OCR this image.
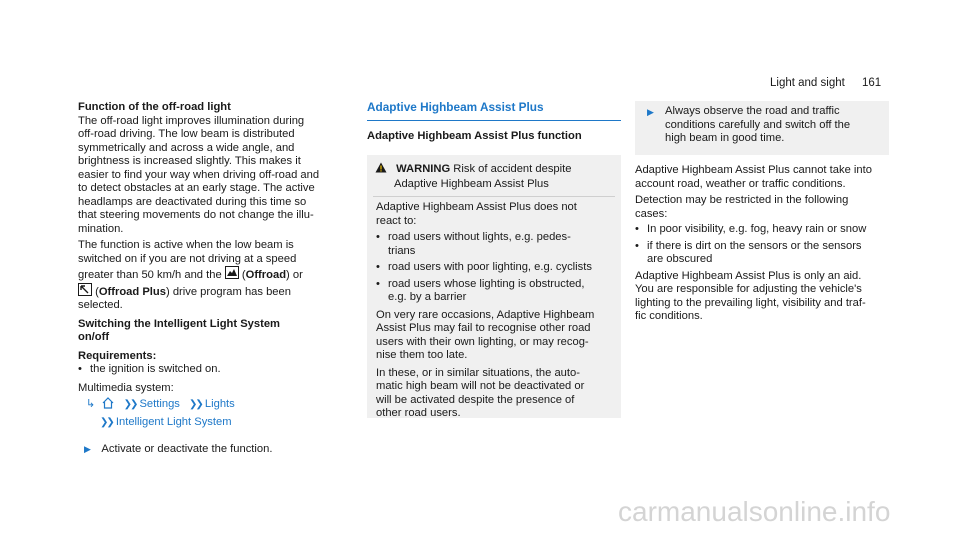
Light and sight 161

Function of the off-road light

The off-road light improves illumination during

off-road driving. The low beam is distributed

symmetrically and across a wide angle, and

brightness is increased slightly. This makes it

easier to find your way when driving off-road and

to detect obstacles at an early stage. The active

headlamps are deactivated during this time so

that steering movements do not change the illu-

mination.

The function is active when the low beam is

switched on if you are not driving at a speed

greater than 50 km/h and the (Offroad) or

(Offroad Plus) drive program has been

selected.

Switching the Intelligent Light System

on/off

Requirements:

• the ignition is switched on.

Multimedia system:

↳	❯❯ Settings ❯❯ Lights

❯❯ Intelligent Light System

▶ Activate or deactivate the function.

Adaptive Highbeam Assist Plus

Adaptive Highbeam Assist Plus function

WARNING Risk of accident despite

Adaptive Highbeam Assist Plus

Adaptive Highbeam Assist Plus does not

react to:

• road users without lights, e.g. pedes-

trians

• road users with poor lighting, e.g. cyclists

• road users whose lighting is obstructed,

e.g. by a barrier

On very rare occasions, Adaptive Highbeam

Assist Plus may fail to recognise other road

users with their own lighting, or may recog-

nise them too late.

In these, or in similar situations, the auto-

matic high beam will not be deactivated or

will be activated despite the presence of

other road users.

▶ Always observe the road and traffic

conditions carefully and switch off the

high beam in good time.

Adaptive Highbeam Assist Plus cannot take into

account road, weather or traffic conditions.

Detection may be restricted in the following

cases:

• In poor visibility, e.g. fog, heavy rain or snow

• if there is dirt on the sensors or the sensors

are obscured

Adaptive Highbeam Assist Plus is only an aid.

You are responsible for adjusting the vehicle's

lighting to the prevailing light, visibility and traf-

fic conditions.

carmanualsonline.info
